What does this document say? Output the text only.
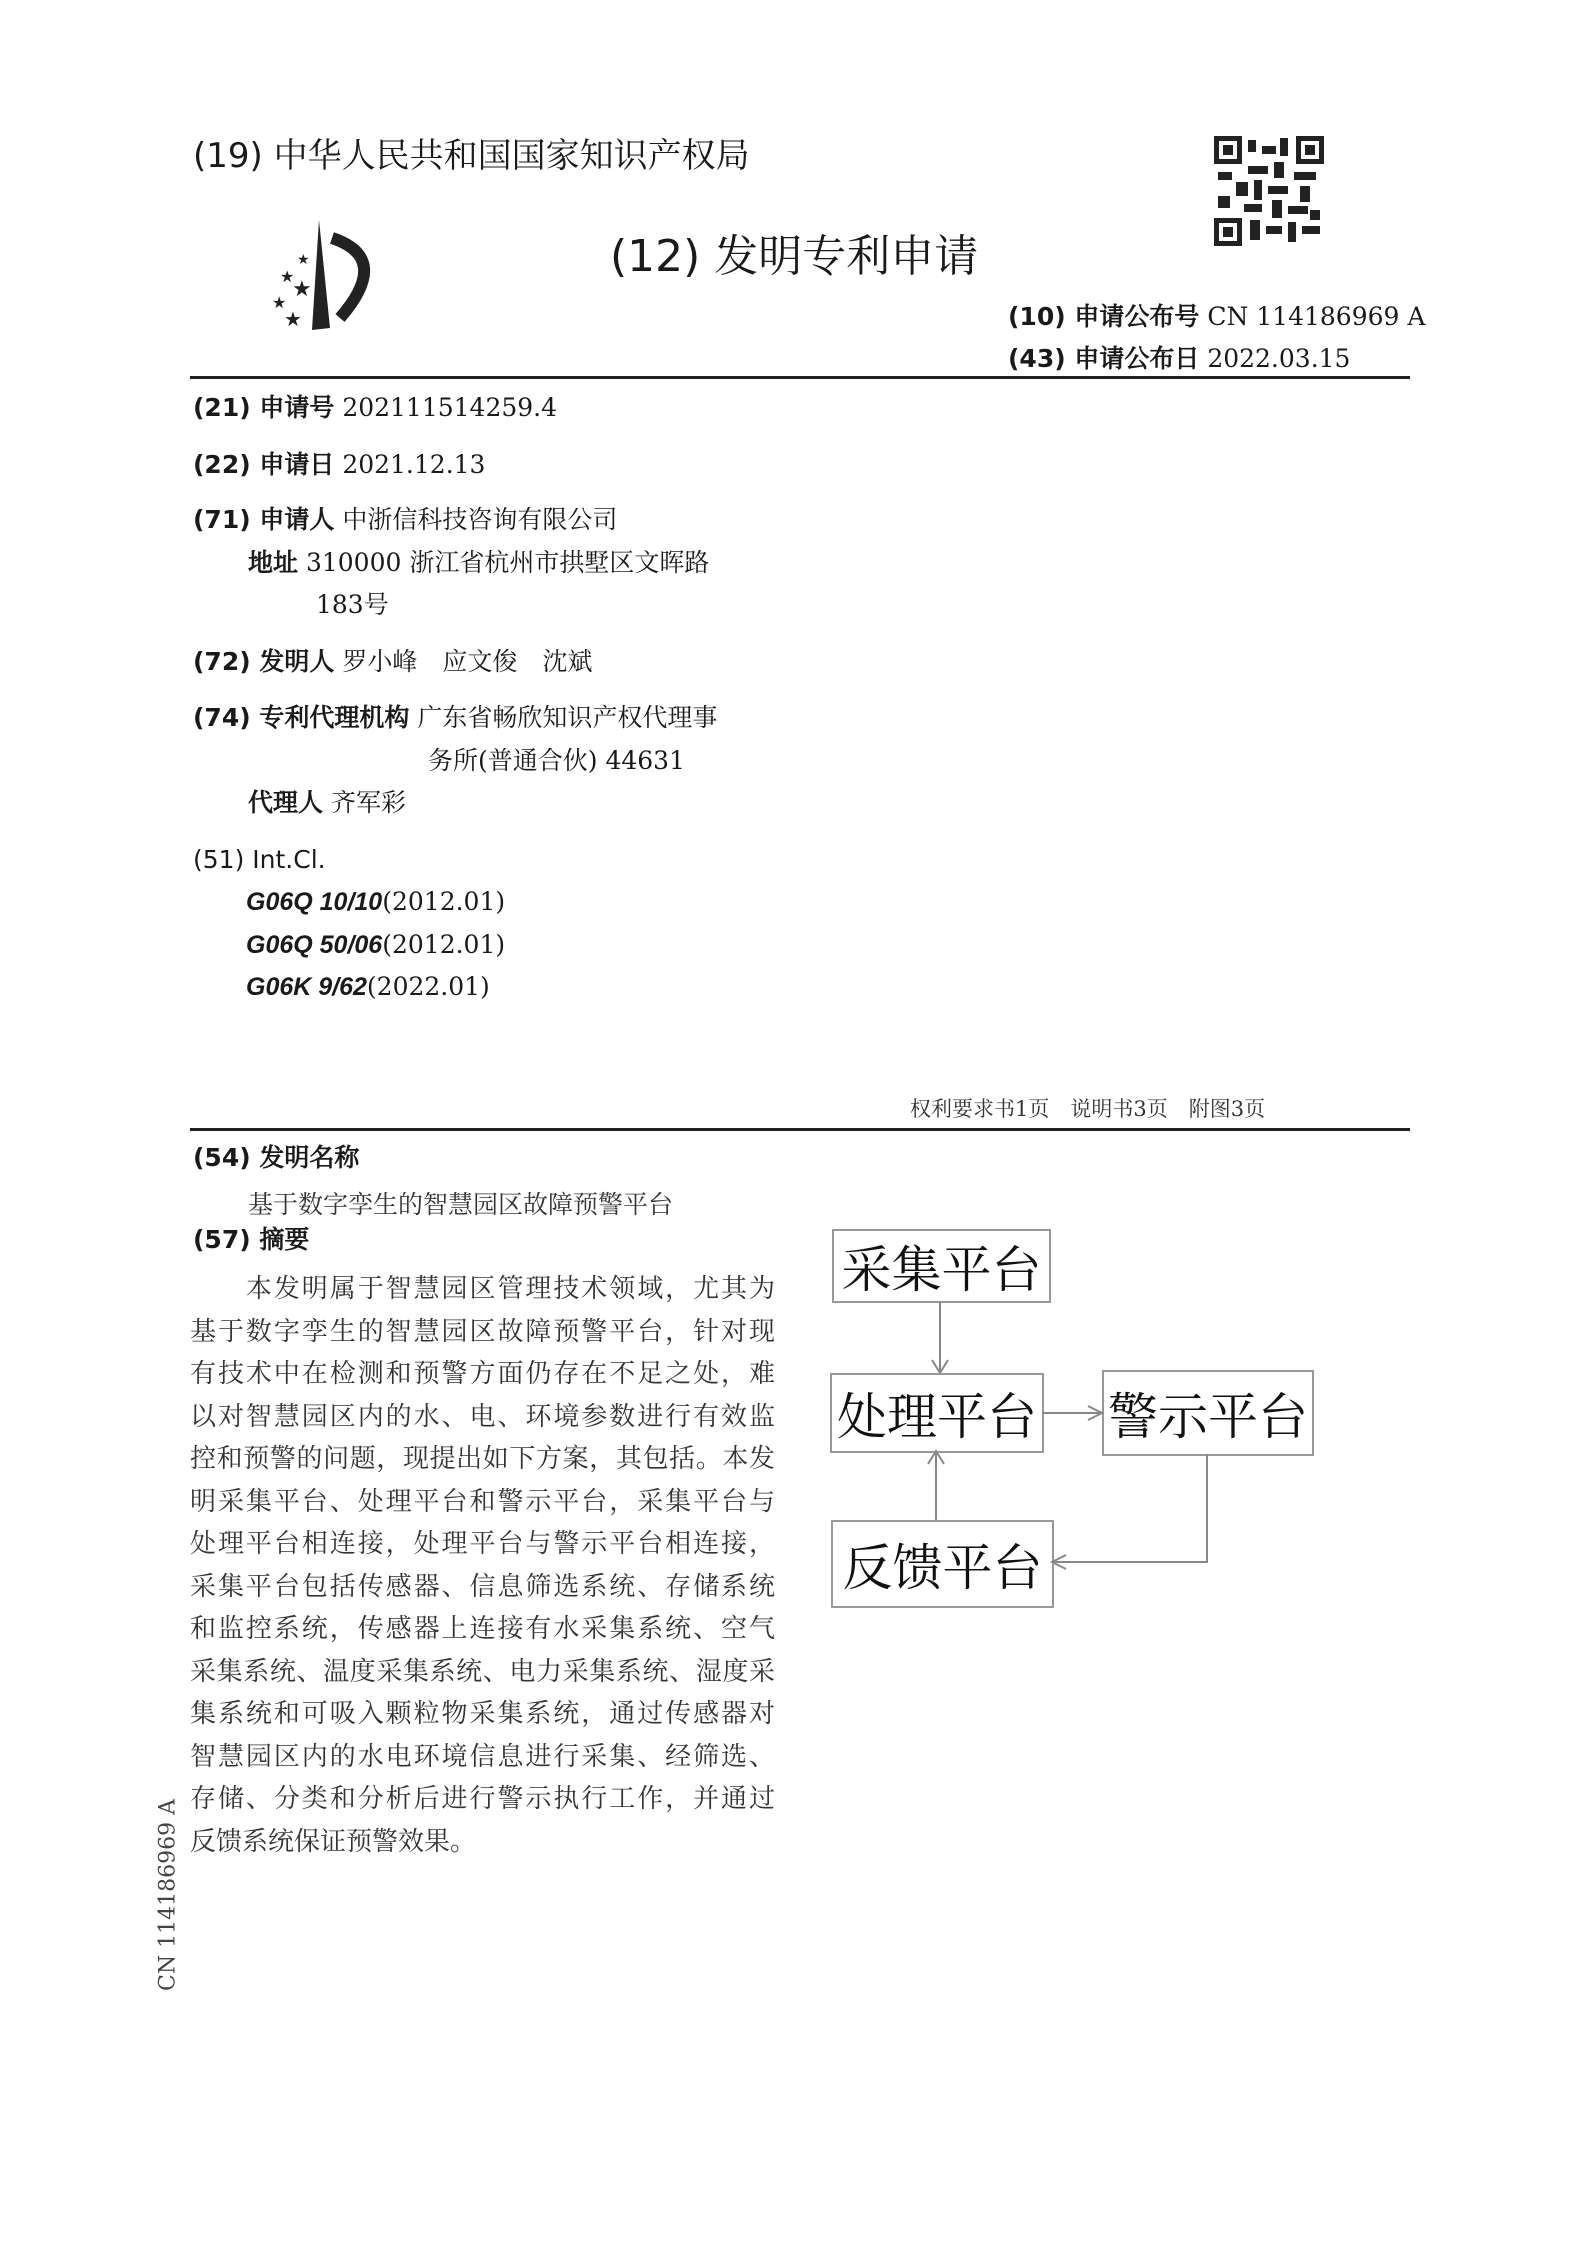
(19) 中华人民共和国国家知识产权局
★
★
★
★
★
(12) 发明专利申请
(10) 申请公布号 CN 114186969 A
(43) 申请公布日 2022.03.15
(21) 申请号 202111514259.4
(22) 申请日 2021.12.13
(71) 申请人 中浙信科技咨询有限公司
地址 310000 浙江省杭州市拱墅区文晖路
183号
(72) 发明人 罗小峰　应文俊　沈斌
(74) 专利代理机构 广东省畅欣知识产权代理事
务所(普通合伙) 44631
代理人 齐军彩
(51) Int.Cl.
G06Q 10/10(2012.01)
G06Q 50/06(2012.01)
G06K 9/62(2022.01)
权利要求书1页　说明书3页　附图3页
(54) 发明名称
基于数字孪生的智慧园区故障预警平台
(57) 摘要
　　本发明属于智慧园区管理技术领域，尤其为
基于数字孪生的智慧园区故障预警平台，针对现
有技术中在检测和预警方面仍存在不足之处，难
以对智慧园区内的水、电、环境参数进行有效监
控和预警的问题，现提出如下方案，其包括。本发
明采集平台、处理平台和警示平台，采集平台与
处理平台相连接，处理平台与警示平台相连接，
采集平台包括传感器、信息筛选系统、存储系统
和监控系统，传感器上连接有水采集系统、空气
采集系统、温度采集系统、电力采集系统、湿度采
集系统和可吸入颗粒物采集系统，通过传感器对
智慧园区内的水电环境信息进行采集、经筛选、
存储、分类和分析后进行警示执行工作，并通过
反馈系统保证预警效果。
采集平台
处理平台 警示平台
反馈平台
CN 114186969 A
